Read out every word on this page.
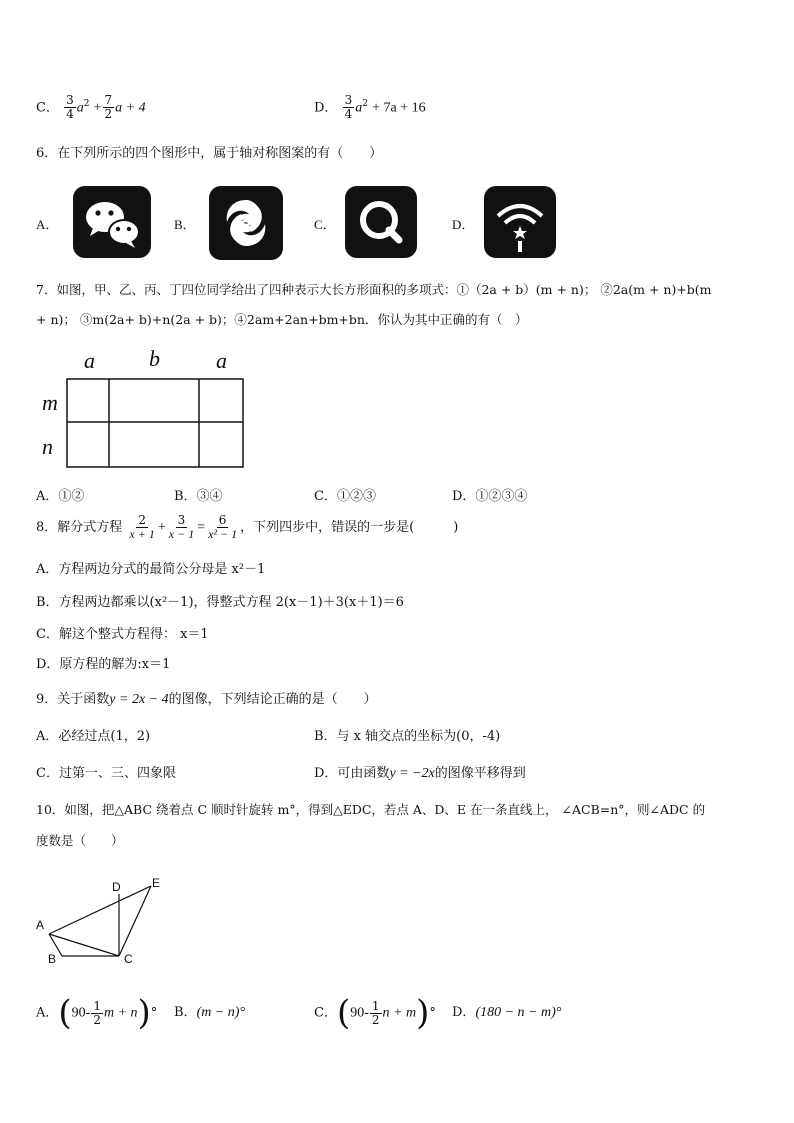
C． $\frac{3}{4} a^2 + \frac{7}{2}$ a + 4	D． $\frac{3}{4} a^2 + 7a + 16$
6．在下列所示的四个图形中，属于轴对称图案的有（　　）
A．	B．	C．	D．
7．如图，甲、乙、丙、丁四位同学给出了四种表示大长方形面积的多项式：①（2a + b）(m + n)； ②2a(m + n)+b(m
+ n)； ③m(2a+ b)+n(2a + b)；④2am+2an+bm+bn．你认为其中正确的有（　）
a b	a
m
n
A．①②	B．③④	C．①②③	D．①②③④
8．解分式方程 $\frac{2}{x + 1} + \frac{3}{x - 1} = \frac{6}{\text{x² − 1}}$ ，下列四步中，错误的一步是(　　　)
A．方程两边分式的最简公分母是 x²－1
B．方程两边都乘以(x²－1)，得整式方程 2(x－1)＋3(x＋1)＝6
C．解这个整式方程得： x＝1
D．原方程的解为:x＝1
9．关于函数y = 2x − 4的图像，下列结论正确的是（　　）
A．必经过点(1，2)	B．与 x 轴交点的坐标为(0，-4)
C．过第一、三、四象限	D．可由函数y = −2x的图像平移得到
10．如图，把△ABC 绕着点 C 顺时针旋转 m°，得到△EDC，若点 A、D、E 在一条直线上， ∠ACB=n°，则∠ADC 的
度数是（　　）
A
B	C
D	E
A．($90- \frac{1}{2}$ m + n)° B．(m − n)°	C．($90- \frac{1}{2}$ n + m)° D．(180 − n − m)°
